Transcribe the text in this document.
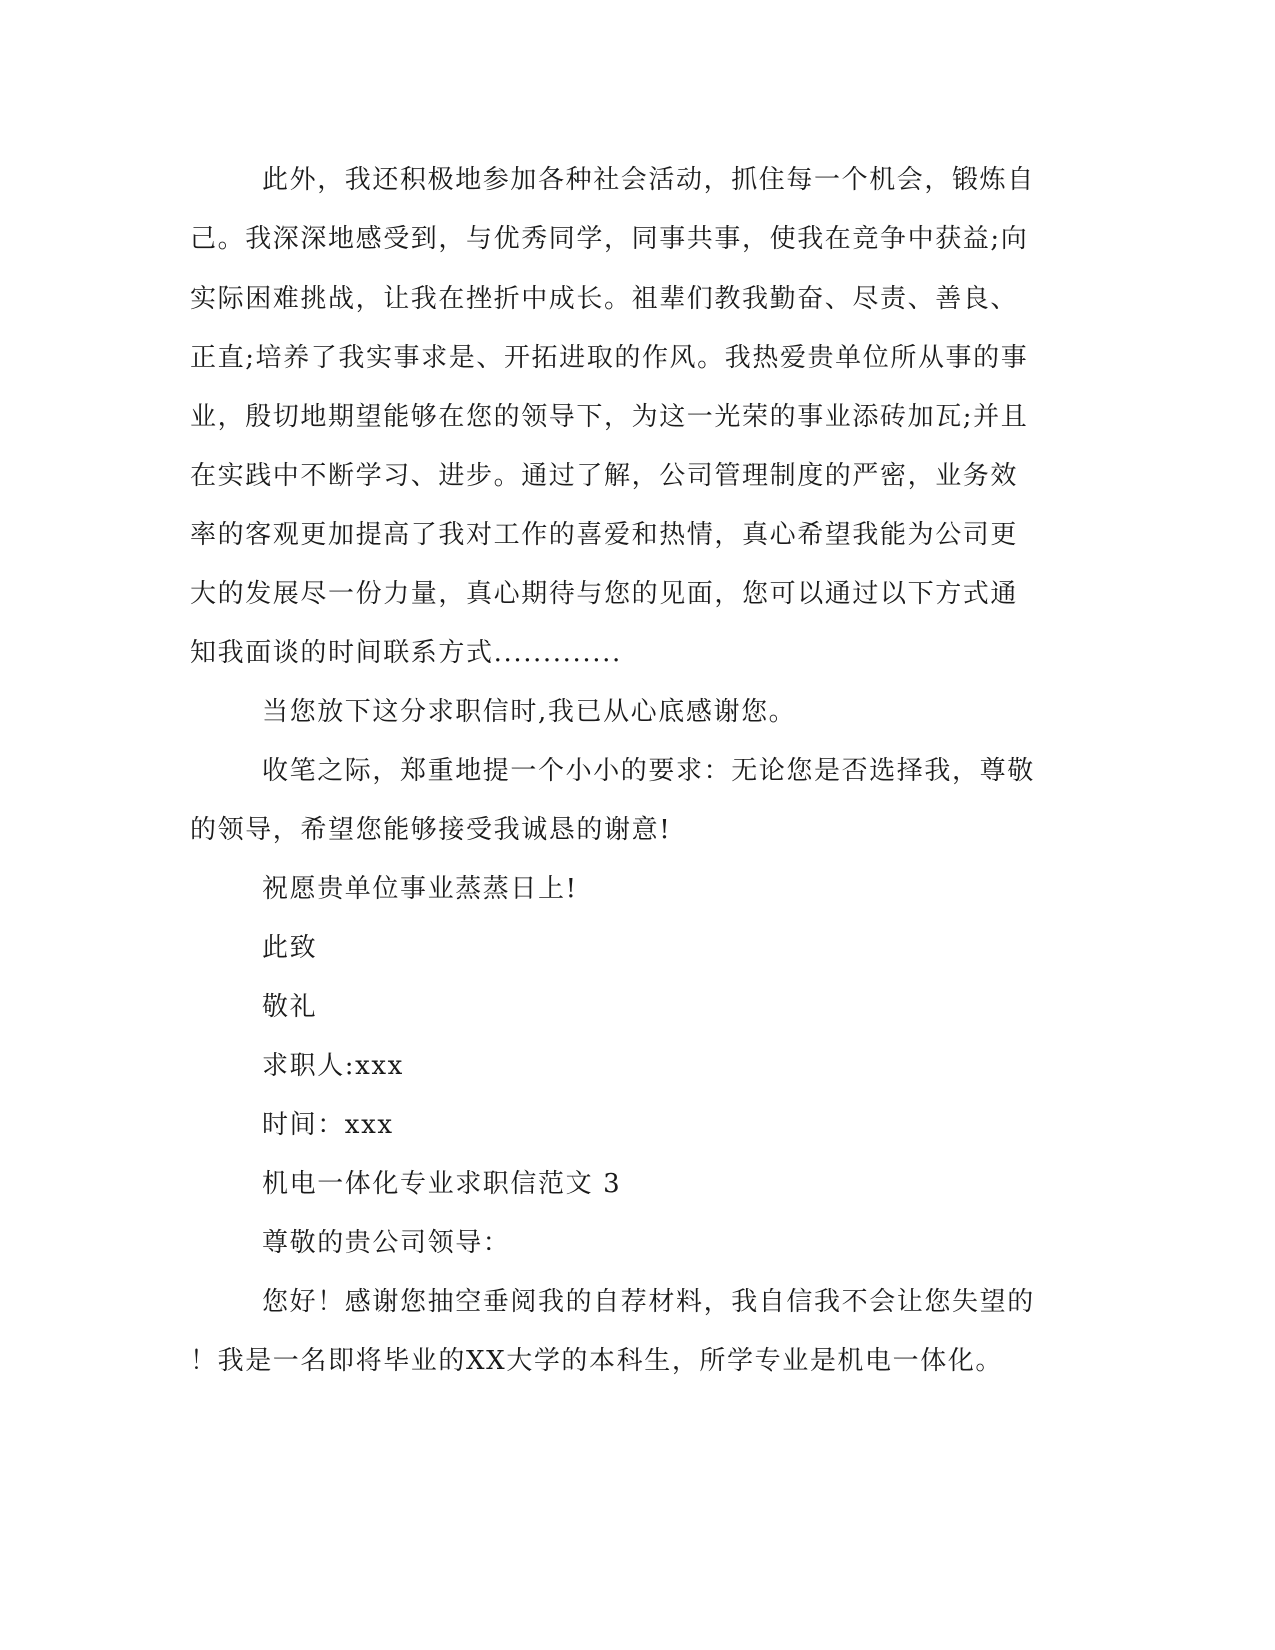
此外，我还积极地参加各种社会活动，抓住每一个机会，锻炼自
己。我深深地感受到，与优秀同学，同事共事，使我在竞争中获益;向
实际困难挑战，让我在挫折中成长。祖辈们教我勤奋、尽责、善良、
正直;培养了我实事求是、开拓进取的作风。我热爱贵单位所从事的事
业，殷切地期望能够在您的领导下，为这一光荣的事业添砖加瓦;并且
在实践中不断学习、进步。通过了解，公司管理制度的严密，业务效
率的客观更加提高了我对工作的喜爱和热情，真心希望我能为公司更
大的发展尽一份力量，真心期待与您的见面，您可以通过以下方式通
知我面谈的时间联系方式.............
当您放下这分求职信时,我已从心底感谢您。
收笔之际，郑重地提一个小小的要求：无论您是否选择我，尊敬
的领导，希望您能够接受我诚恳的谢意!
祝愿贵单位事业蒸蒸日上!
此致
敬礼
求职人:xxx
时间：xxx
机电一体化专业求职信范文 3
尊敬的贵公司领导：
您好！感谢您抽空垂阅我的自荐材料，我自信我不会让您失望的
！我是一名即将毕业的XX大学的本科生，所学专业是机电一体化。
